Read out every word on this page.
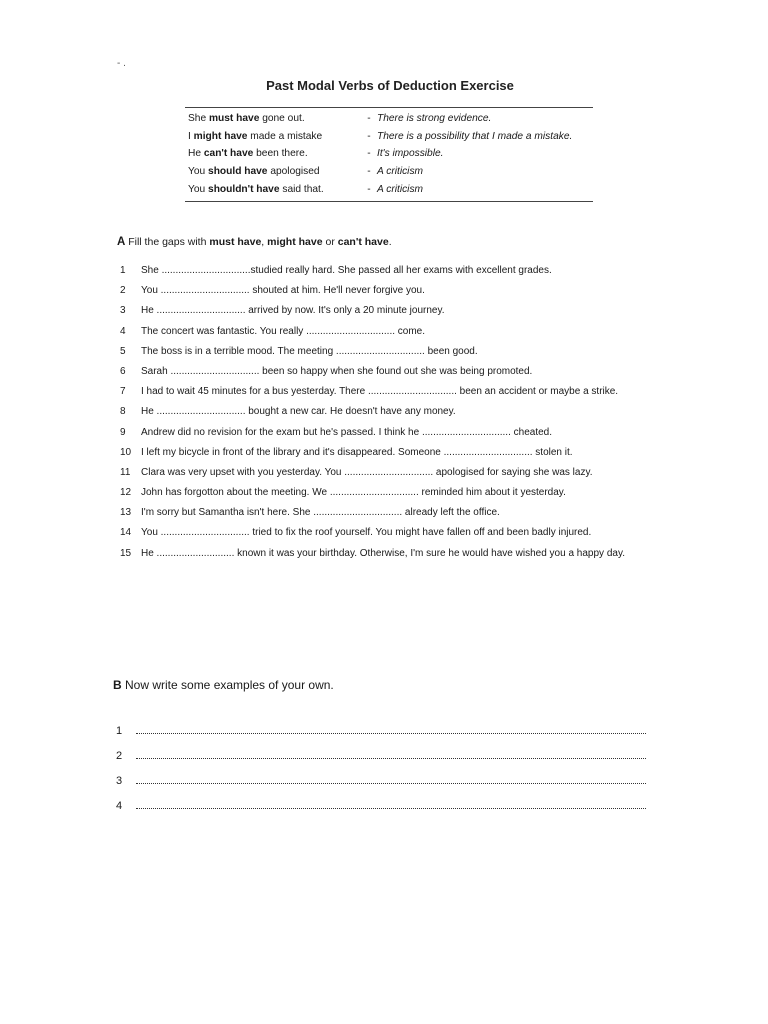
- .
Past Modal Verbs of Deduction Exercise
She must have gone out.	- There is strong evidence.
I might have made a mistake	- There is a possibility that I made a mistake.
He can't have been there.	- It's impossible.
You should have apologised	- A criticism
You shouldn't have said that.	- A criticism
A Fill the gaps with must have, might have or can't have.
1	She ................................studied really hard. She passed all her exams with excellent grades.
2	You ................................ shouted at him. He'll never forgive you.
3	He ................................ arrived by now. It's only a 20 minute journey.
4	The concert was fantastic. You really ................................ come.
5	The boss is in a terrible mood. The meeting ................................ been good.
6	Sarah ................................ been so happy when she found out she was being promoted.
7	I had to wait 45 minutes for a bus yesterday. There ................................ been an accident or maybe a strike.
8	He ................................ bought a new car. He doesn't have any money.
9	Andrew did no revision for the exam but he's passed. I think he ................................ cheated.
10 I left my bicycle in front of the library and it's disappeared. Someone ................................ stolen it.
11	Clara was very upset with you yesterday. You ................................ apologised for saying she was lazy.
12 John has forgotton about the meeting. We ................................ reminded him about it yesterday.
13 I'm sorry but Samantha isn't here. She ................................ already left the office.
14 You ................................ tried to fix the roof yourself. You might have fallen off and been badly injured.
15 He ............................ known it was your birthday. Otherwise, I'm sure he would have wished you a happy day.
B Now write some examples of your own.
1
2
3
4
